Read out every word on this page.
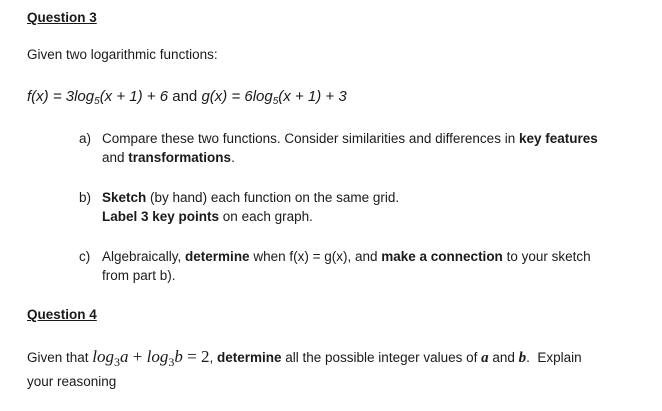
Question 3
Given two logarithmic functions:
$f(x) = 3\log_5(x + 1) + 6$ and $g(x) = 6\log_5(x + 1) + 3$
a) Compare these two functions. Consider similarities and differences in key features
and transformations.
b) Sketch (by hand) each function on the same grid.
Label 3 key points on each graph.
c) Algebraically, determine when f(x) = g(x), and make a connection to your sketch
from part b).
Question 4
Given that log3a + log3b = 2, determine all the possible integer values of a and b.  Explain
your reasoning
